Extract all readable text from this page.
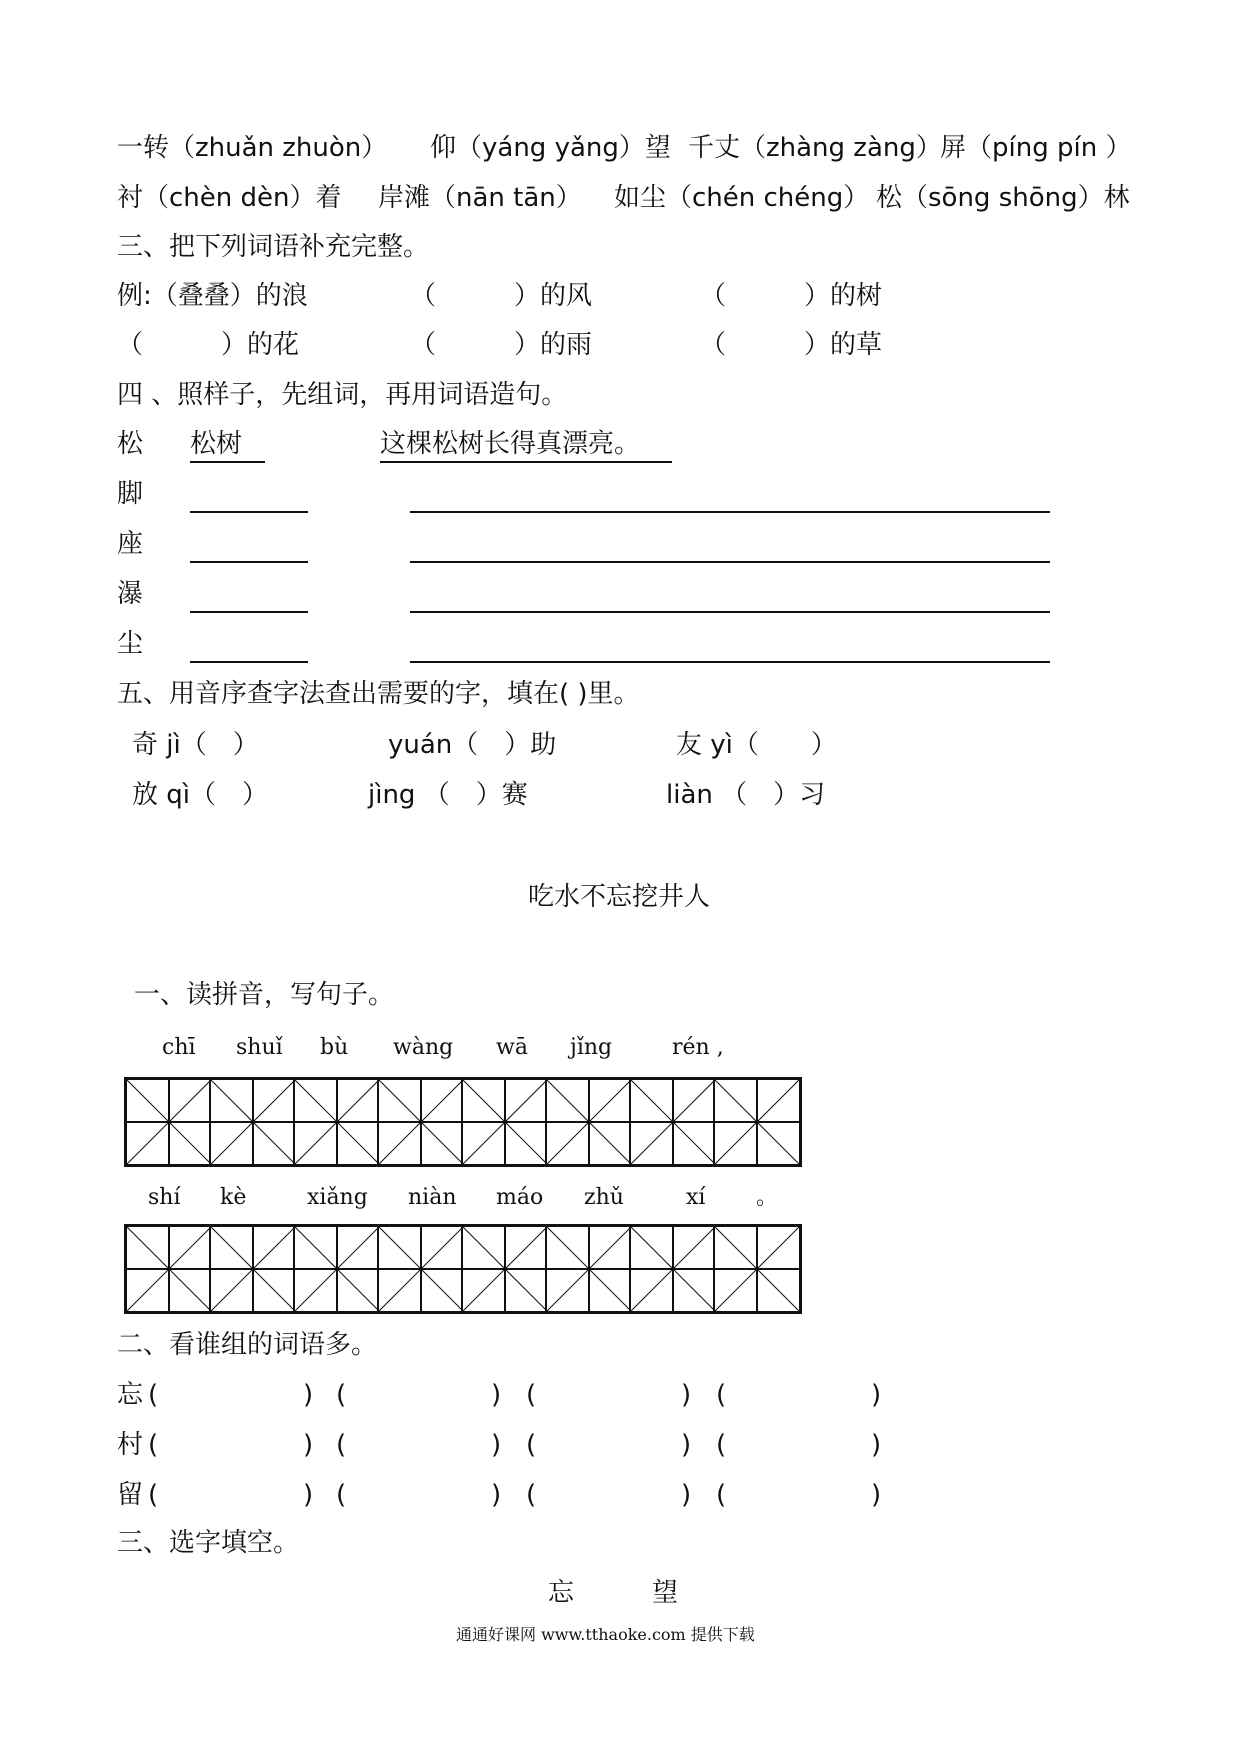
一转（zhuǎn zhuòn） 仰（yáng yǎng）望 千丈（zhàng zàng）
屏（píng pín ）
衬（chèn dèn）着 岸滩（nān tān） 如尘（chén chéng） 松（sōng shōng）林
三、把下列词语补充完整。
例:（叠叠）的浪	（　　　）的风	（　　　）的树
（　　　）的花	（　　　）的雨	（　　　）的草
四 、照样子，先组词，再用词语造句。
松 松树	这棵松树长得真漂亮。
脚
座
瀑
尘
五、用音序查字法查出需要的字，填在( )里。
奇 jì（　）	yuán（　）助	友 yì（　　）
放 qì（　）	jìng （　）赛	liàn （　）习
吃水不忘挖井人
一、读拼音，写句子。
chī shuǐ bù wàng wā jǐng	rén ,
shí kè	xiǎng niàn máo zhǔ	xí 。
二、看谁组的词语多。
忘 (	) (	) (	) (	)
村 (	) (	) (	) (	)
留 (	) (	) (	) (	)
三、选字填空。
忘　　　望
通通好课网 www.tthaoke.com 提供下载
